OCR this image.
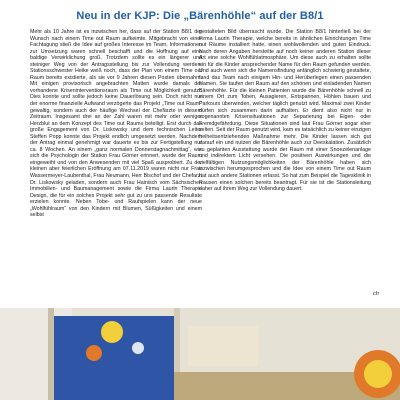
Neu in der KJP: Die „Bärenhöhle“ auf der B8/1

Mehr als 10 Jahre ist es inzwischen her, dass auf der Station B8/1 der Wunsch nach einem Time out Raum aufkeimte. Mitgebracht von einer Fachtagung stieß die Idee auf großes Interesse im Team, Informationen zur Umsetzung waren schnell beschafft und die Hoffnung auf eine baldige Verwirklichung groß. Trotzdem sollte es ein längerer und steiniger Weg von der Antragsstellung bis zur Vollendung werden. Stationsschwester Heike weiß noch, dass der Plan von einem Time out Raum bereits existierte, als sie vor 9 Jahren diesen Posten übernahm. Mit einigen provisorisch angebrachten Matten wurde damals der vorhandene Kriseninterventionsraum als Time out Möglichkeit genutzt. Dies konnte und sollte jedoch keine Dauerlösung sein. Doch nicht nur der enorme finanzielle Aufwand verzögerte das Projekt „Time out Raum“ gewaltig, sondern auch der häufige Wechsel der Chefärzte in diesem Zeitraum. Insgesamt drei an der Zahl waren mit mehr oder weniger Herzblut an dem Konzept des Time out Raums beteiligt. Erst durch das große Engagement von Dr. Liskowsky und dem technischen Leiter Steffen Popp konnte das Projekt endlich umgesetzt werden. Nachdem der Antrag einmal genehmigt war dauerte es bis zur Fertigstellung nur ca. 8 Wochen. An einem „ganz normalen Donnerstagnachmittag“, wie sich die Psychologin der Station Frau Görner erinnert, wurde der Raum eingeweiht und von den Anwesenden mit viel Spaß ausprobiert. Zu der kleinen aber feierlichen Eröffnung am 07.11.2019 waren nicht nur Frau Wassermeyer-Laubenthal, Frau Neumann, Herr Bischof und der Chefarzt Dr. Liskowsky geladen, sondern auch Frau Hainisch vom Sächsischen Immobilien- und Baumanagement sowie die Firma Laurin Therapie Design, die für ein solches Projekt sehr gut zu uns passende Resultate erzielen konnte. Neben Tobe- und Raufspielen kann der neue „Wohlfühlraum“ von den Kindern mit Blumen, Süßigkeiten und einem selbst

gestalteten Bild überrascht wurde. Die Station B8/1 hinterließ bei der Firma Laurin Therapie, welche bereits in ähnlichen Einrichtungen Time out Räume installiert hatte, einen wohlwollenden und guten Eindruck. Nach deren Angaben hersteilte auf noch keiner anderen Station dieser Art eine solche Wohlfühlatmosphäre. Um diese auch zu erhalten sollte ein für die Kinder ansprechender Name für den Raum gefunden werden. Und auch wenn sich die Namensfindung anfänglich schwierig gestaltete, fand das Team nach einigem Hin- und Herüberlegen einen passenden Namen. Sie taufen den Raum auf den schönen und einladenden Namen Bärenhöhle. Für die kleinen Patienten wurde die Bärenhöhle schnell zu einem Ort zum Toben, Ausagieren, Entspannen, Höhlen bauen und Parkours überwinden, welcher täglich genutzt wird. Maximal zwei Kinder dürfen sich zusammen darin aufhalten. Er dient also nicht nur in sogenannten Krisensituationen zur Separierung bei Eigen- oder Fremdgefährdung. Diese Situationen sind laut Frau Görner sogar eher selten. Seit der Raum genutzt wird, kam es tatsächlich zu keiner einzigen freiheitsentziehenden Maßnahme mehr. Die Kinder lassen sich gut darauf ein und nutzen die Bärenhöhle auch zur Deeskalation. Zusätzlich zu geplanten Ausstattung wurde der Raum mit einer Snoezelenanlage und indirektem Licht versehen. Die positiven Auswirkungen und die vielfältigen Nutzungsmöglichkeiten der Bärenhöhle haben sich inzwischen herumgesprochen und die Idee von einem Time out Raum hat auch andere Stationen erfasst. So hat zum Beispiel die Tagesklinik in Rausen einen solchen bereits beantragt. Für sie ist die Stationsleitung daher auf ihrem Weg zur Vollendung dauert.

ch
